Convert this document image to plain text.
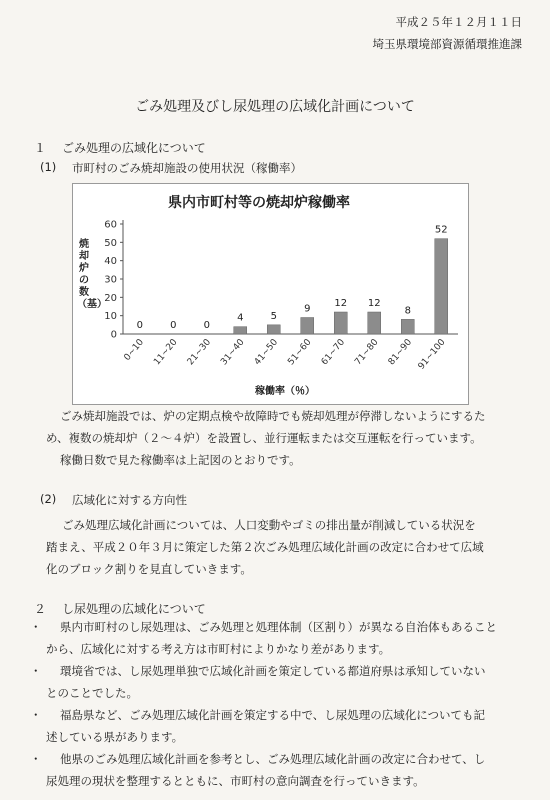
平成２５年１２月１１日
埼玉県環境部資源循環推進課
ごみ処理及びし尿処理の広域化計画について
１ ごみ処理の広域化について
(1) 市町村のごみ焼却施設の使用状況（稼働率）
県内市町村等の焼却炉稼働率
焼却炉の数（基）
0
10
20
30
40
50
60
0
0~10
0
11~20
0
21~30
4
31~40
5
41~50
9
51~60
12
61~70
12
71~80
8
81~90
52
91~100
稼働率（％）
ごみ焼却施設では、炉の定期点検や故障時でも焼却処理が停滞しないようにするた
め、複数の焼却炉（２～４炉）を設置し、並行運転または交互運転を行っています。
稼働日数で見た稼働率は上記図のとおりです。
(2) 広域化に対する方向性
ごみ処理広域化計画については、人口変動やゴミの排出量が削減している状況を
踏まえ、平成２０年３月に策定した第２次ごみ処理広域化計画の改定に合わせて広域
化のブロック割りを見直していきます。
２ し尿処理の広域化について
・ 県内市町村のし尿処理は、ごみ処理と処理体制（区割り）が異なる自治体もあること
から、広域化に対する考え方は市町村によりかなり差があります。
・ 環境省では、し尿処理単独で広域化計画を策定している都道府県は承知していない
とのことでした。
・ 福島県など、ごみ処理広域化計画を策定する中で、し尿処理の広域化についても記
述している県があります。
・ 他県のごみ処理広域化計画を参考とし、ごみ処理広域化計画の改定に合わせて、し
尿処理の現状を整理するとともに、市町村の意向調査を行っていきます。
